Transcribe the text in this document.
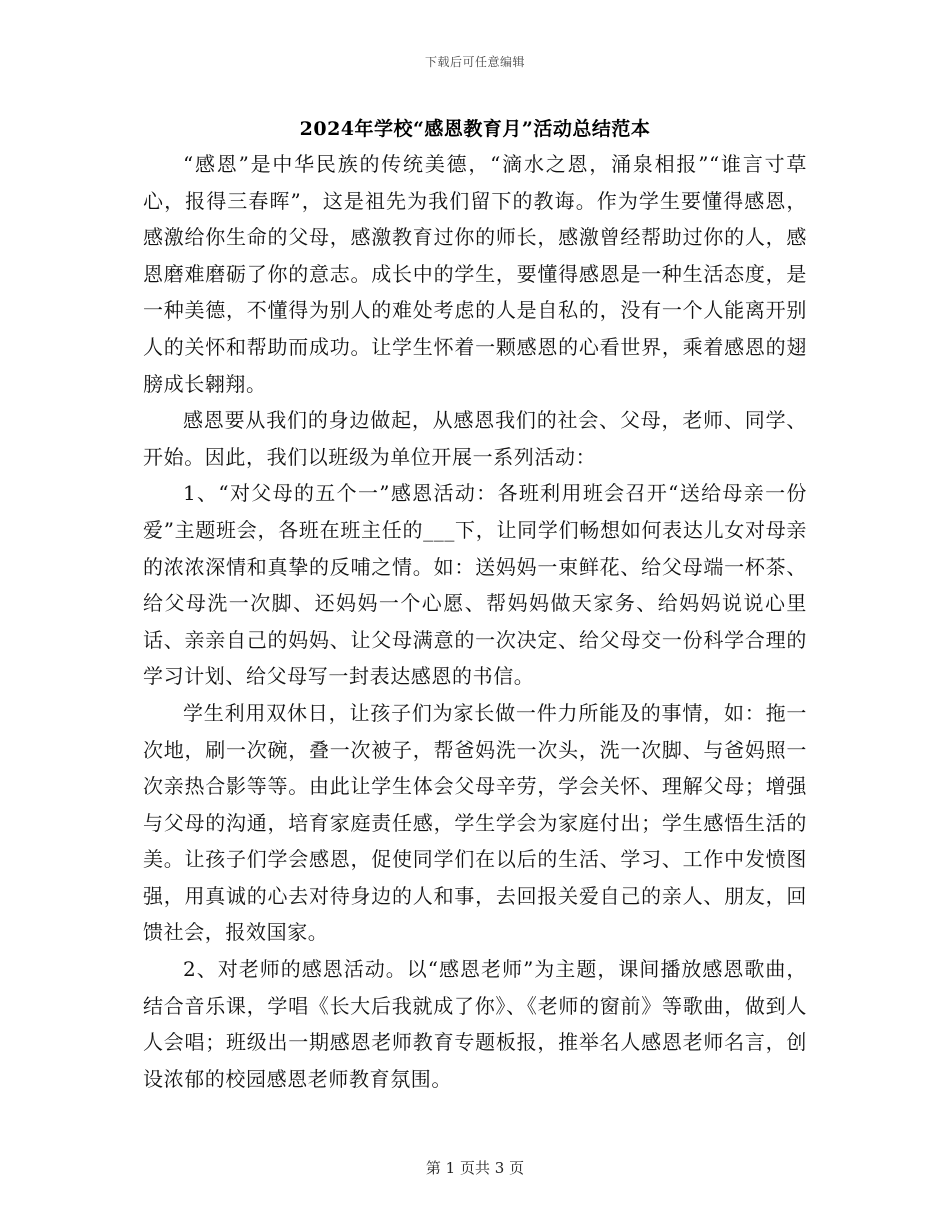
下载后可任意编辑
2024年学校“感恩教育月”活动总结范本

“感恩”是中华民族的传统美德，“滴水之恩，涌泉相报”“谁言寸草心，报得三春晖”，这是祖先为我们留下的教诲。作为学生要懂得感恩，感激给你生命的父母，感激教育过你的师长，感激曾经帮助过你的人，感恩磨难磨砺了你的意志。成长中的学生，要懂得感恩是一种生活态度，是一种美德，不懂得为别人的难处考虑的人是自私的，没有一个人能离开别人的关怀和帮助而成功。让学生怀着一颗感恩的心看世界，乘着感恩的翅膀成长翱翔。

感恩要从我们的身边做起，从感恩我们的社会、父母，老师、同学、开始。因此，我们以班级为单位开展一系列活动：

1、“对父母的五个一”感恩活动：各班利用班会召开“送给母亲一份爱”主题班会，各班在班主任的___下，让同学们畅想如何表达儿女对母亲的浓浓深情和真挚的反哺之情。如：送妈妈一束鲜花、给父母端一杯茶、给父母洗一次脚、还妈妈一个心愿、帮妈妈做天家务、给妈妈说说心里话、亲亲自己的妈妈、让父母满意的一次决定、给父母交一份科学合理的学习计划、给父母写一封表达感恩的书信。

学生利用双休日，让孩子们为家长做一件力所能及的事情，如：拖一次地，刷一次碗，叠一次被子，帮爸妈洗一次头，洗一次脚、与爸妈照一次亲热合影等等。由此让学生体会父母辛劳，学会关怀、理解父母；增强与父母的沟通，培育家庭责任感，学生学会为家庭付出；学生感悟生活的美。让孩子们学会感恩，促使同学们在以后的生活、学习、工作中发愤图强，用真诚的心去对待身边的人和事，去回报关爱自己的亲人、朋友，回馈社会，报效国家。

2、对老师的感恩活动。以“感恩老师”为主题，课间播放感恩歌曲，结合音乐课，学唱《长大后我就成了你》、《老师的窗前》等歌曲，做到人人会唱；班级出一期感恩老师教育专题板报，推举名人感恩老师名言，创设浓郁的校园感恩老师教育氛围。

第 1 页共 3 页
